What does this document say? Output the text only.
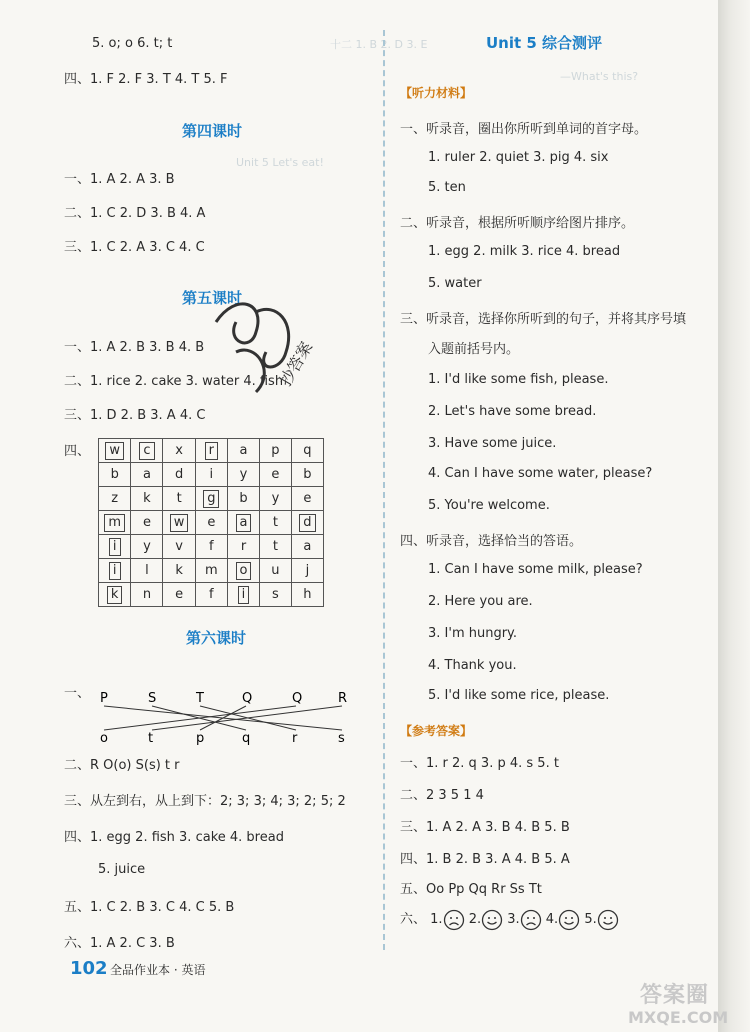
十二 1. B 2. D 3. E
Unit 5 Let's eat!
—What's this?
5. o; o 6. t; t
四、1. F 2. F 3. T 4. T 5. F
第四课时
一、1. A 2. A 3. B
二、1. C 2. D 3. B 4. A
三、1. C 2. A 3. C 4. C
第五课时
一、1. A 2. B 3. B 4. B
二、1. rice 2. cake 3. water 4. fish
三、1. D 2. B 3. A 4. C
四、 w	c	x	r	a	p	q
b	a	d	i	y	e	b
z	k	t	g	b	y	e
m	e	w	e	a	t	d
i	y	v	f	r	t	a
i	l	k	m	o	u	j
k	n	e	f	i	s	h
抄答案
第六课时
一、 P	S	T	Q	Q	R
o	t	p	q	r	s
二、R O(o) S(s) t r
三、从左到右，从上到下：2; 3; 3; 4; 3; 2; 5; 2
四、1. egg 2. fish 3. cake 4. bread
5. juice
五、1. C 2. B 3. C 4. C 5. B
六、1. A 2. C 3. B
102 全品作业本 · 英语
Unit 5 综合测评
【听力材料】
一、听录音，圈出你所听到单词的首字母。
1. ruler 2. quiet 3. pig 4. six
5. ten
二、听录音，根据所听顺序给图片排序。
1. egg 2. milk 3. rice 4. bread
5. water
三、听录音，选择你所听到的句子，并将其序号填
入题前括号内。
1. I'd like some fish, please.
2. Let's have some bread.
3. Have some juice.
4. Can I have some water, please?
5. You're welcome.
四、听录音，选择恰当的答语。
1. Can I have some milk, please?
2. Here you are.
3. I'm hungry.
4. Thank you.
5. I'd like some rice, please.
【参考答案】
一、1. r 2. q 3. p 4. s 5. t
二、2 3 5 1 4
三、1. A 2. A 3. B 4. B 5. B
四、1. B 2. B 3. A 4. B 5. A
五、Oo Pp Qq Rr Ss Tt
六、 1. 2. 3. 4. 5.
答案圈
MXQE.COM
